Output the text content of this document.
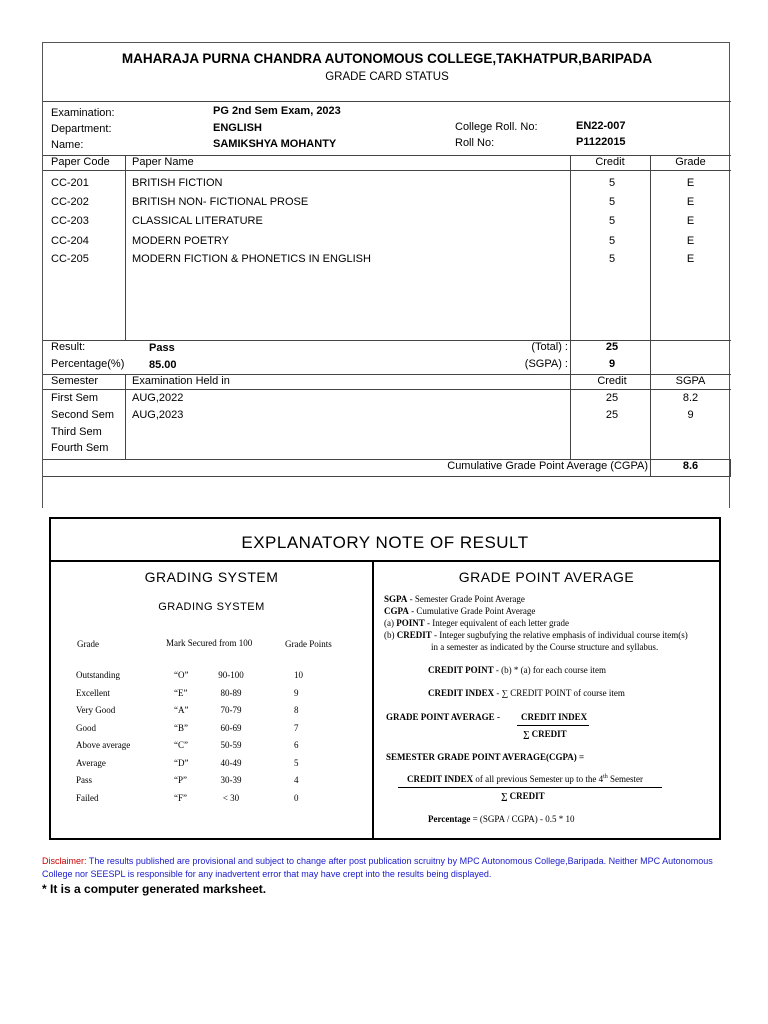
MAHARAJA PURNA CHANDRA AUTONOMOUS COLLEGE,TAKHATPUR,BARIPADA
GRADE CARD STATUS
Examination:	PG 2nd Sem Exam, 2023
Department:	ENGLISH
Name:	SAMIKSHYA MOHANTY
College Roll. No:	EN22-007
Roll No:	P1122015
Paper Code Paper Name	Credit	Grade
CC-201	BRITISH FICTION	5	E
CC-202	BRITISH NON- FICTIONAL PROSE	5	E
CC-203	CLASSICAL LITERATURE	5	E
CC-204	MODERN POETRY	5	E
CC-205	MODERN FICTION & PHONETICS IN ENGLISH	5	E
Result:	Pass
Percentage(%) 85.00
(Total) :	25
(SGPA) :	9
Semester	Examination Held in	Credit	SGPA
First Sem	AUG,2022	25	8.2
Second Sem AUG,2023	25	9
Third Sem
Fourth Sem
Cumulative Grade Point Average (CGPA)	8.6
EXPLANATORY NOTE OF RESULT
GRADING SYSTEM
GRADING SYSTEM
Grade	Mark Secured from 100	Grade Points
Outstanding	“O”	90-100	10
Excellent	“E”	80-89	9
Very Good	“A”	70-79	8
Good	“B”	60-69	7
Above average	“C”	50-59	6
Average	“D”	40-49	5
Pass	“P”	30-39	4
Failed	“F”	< 30	0
GRADE POINT AVERAGE
SGPA - Semester Grade Point Average
CGPA - Cumulative Grade Point Average
(a) POINT - Integer equivalent of each letter grade
(b) CREDIT - Integer sugbufying the relative emphasis of individual course item(s)
in a semester as indicated by the Course structure and syllabus.
CREDIT POINT - (b) * (a) for each course item
CREDIT INDEX - ∑ CREDIT POINT of course item
GRADE POINT AVERAGE - CREDIT INDEX
∑ CREDIT
SEMESTER GRADE POINT AVERAGE(CGPA) =
CREDIT INDEX of all previous Semester up to the 4th Semester
∑ CREDIT
Percentage = (SGPA / CGPA) - 0.5 * 10
Disclaimer: The results published are provisional and subject to change after post publication scruitny by MPC Autonomous College,Baripada. Neither MPC Autonomous College nor SEESPL is responsible for any inadvertent error that may have crept into the results being displayed.
* It is a computer generated marksheet.
